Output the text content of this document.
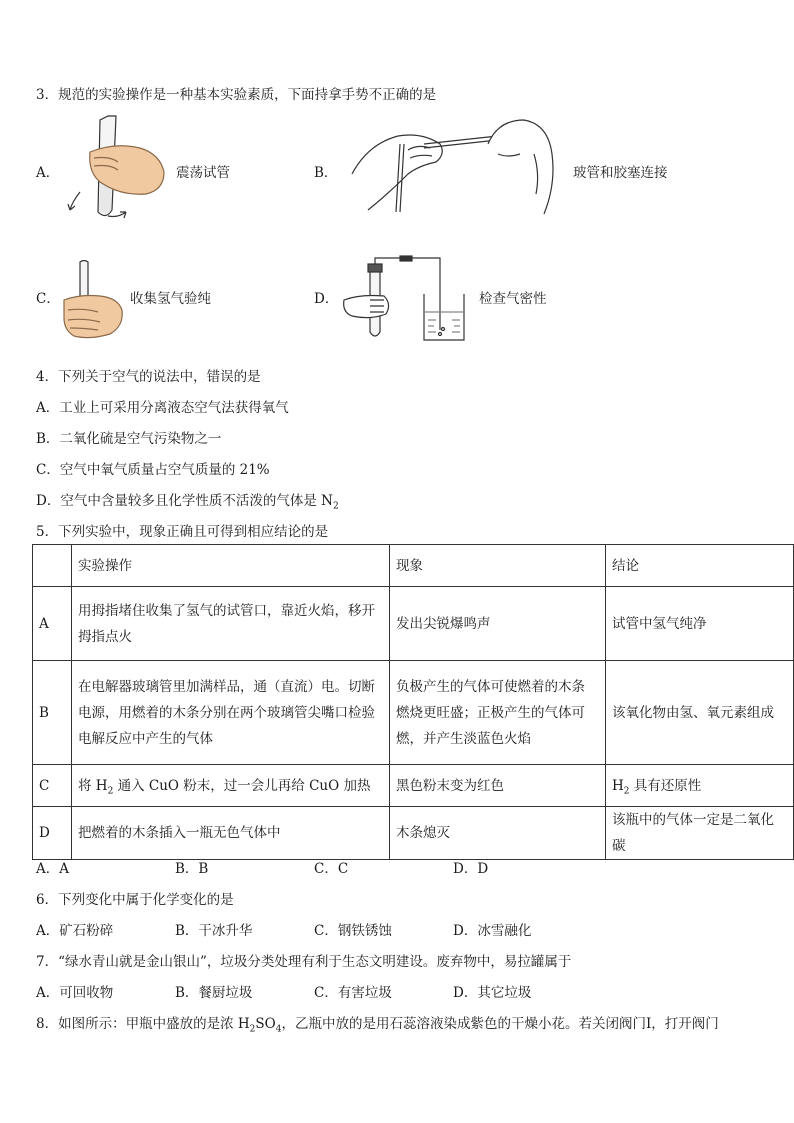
3．规范的实验操作是一种基本实验素质，下面持拿手势不正确的是
A．	震荡试管	B．	玻管和胶塞连接
C．	收集氢气验纯	D．	检查气密性
4．下列关于空气的说法中，错误的是
A．工业上可采用分离液态空气法获得氧气
B．二氧化硫是空气污染物之一
C．空气中氧气质量占空气质量的 21%
D．空气中含量较多且化学性质不活泼的气体是 $N_2$
5．下列实验中，现象正确且可得到相应结论的是
	实验操作	现象	结论
A	用拇指堵住收集了氢气的试管口，靠近火焰，移开
拇指点火	发出尖锐爆鸣声	试管中氢气纯净
B	在电解器玻璃管里加满样品，通（直流）电。切断
电源，用燃着的木条分别在两个玻璃管尖嘴口检验
电解反应中产生的气体	负极产生的气体可使燃着的木条
燃烧更旺盛；正极产生的气体可
燃，并产生淡蓝色火焰	该氧化物由氢、氧元素组成
C	将 $H_2$ 通入 CuO 粉末，过一会儿再给 CuO 加热	黑色粉末变为红色	$H_2$ 具有还原性
D	把燃着的木条插入一瓶无色气体中	木条熄灭	该瓶中的气体一定是二氧化碳
A．A	B．B	C．C	D．D
6．下列变化中属于化学变化的是
A．矿石粉碎	B．干冰升华	C．钢铁锈蚀	D．冰雪融化
7．“绿水青山就是金山银山”，垃圾分类处理有利于生态文明建设。废弃物中，易拉罐属于
A．可回收物	B．餐厨垃圾	C．有害垃圾	D．其它垃圾
8．如图所示：甲瓶中盛放的是浓 $H_2SO_4$，乙瓶中放的是用石蕊溶液染成紫色的干燥小花。若关闭阀门Ⅰ，打开阀门
